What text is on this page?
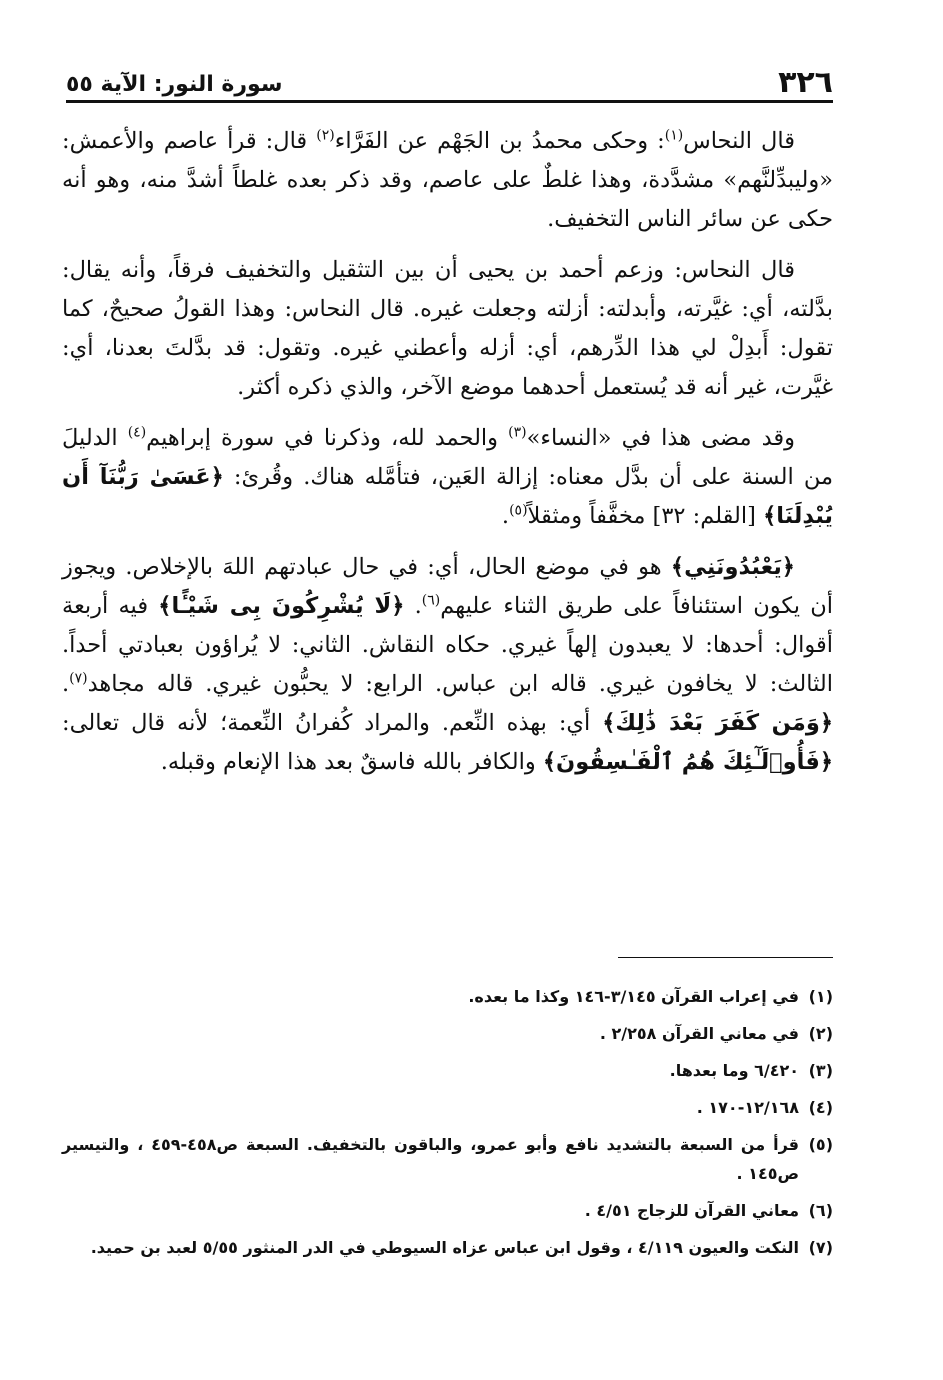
٣٢٦
سورة النور: الآية ٥٥

قال النحاس$^{(١)}$: وحكى محمدُ بن الجَهْم عن الفَرَّاء$^{(٢)}$ قال: قرأ عاصم والأعمش: «وليبدِّلنَّهم» مشدَّدة، وهذا غلطٌ على عاصم، وقد ذكر بعده غلطاً أشدَّ منه، وهو أنه حكى عن سائر الناس التخفيف.

قال النحاس: وزعم أحمد بن يحيى أن بين التثقيل والتخفيف فرقاً، وأنه يقال: بدَّلته، أي: غيَّرته، وأبدلته: أزلته وجعلت غيره. قال النحاس: وهذا القولُ صحيحٌ، كما تقول: أَبدِلْ لي هذا الدِّرهم، أي: أزله وأعطني غيره. وتقول: قد بدَّلتَ بعدنا، أي: غيَّرت، غير أنه قد يُستعمل أحدهما موضع الآخر، والذي ذكره أكثر.

وقد مضى هذا في «النساء»$^{(٣)}$ والحمد لله، وذكرنا في سورة إبراهيم$^{(٤)}$ الدليلَ من السنة على أن بدَّل معناه: إزالة العَين، فتأمَّله هناك. وقُرئ: ﴿عَسَىٰ رَبُّنَآ أَن يُبْدِلَنَا﴾ [القلم: ٣٢] مخفَّفاً ومثقلاً$^{(٥)}$.

﴿يَعْبُدُونَنِي﴾ هو في موضع الحال، أي: في حال عبادتهم اللهَ بالإخلاص. ويجوز أن يكون استئنافاً على طريق الثناء عليهم$^{(٦)}$. ﴿لَا يُشْرِكُونَ بِى شَيْـًٔا﴾ فيه أربعة أقوال: أحدها: لا يعبدون إلهاً غيري. حكاه النقاش. الثاني: لا يُراؤون بعبادتي أحداً. الثالث: لا يخافون غيري. قاله ابن عباس. الرابع: لا يحبُّون غيري. قاله مجاهد$^{(٧)}$. ﴿وَمَن كَفَرَ بَعْدَ ذَٰلِكَ﴾ أي: بهذه النِّعم. والمراد كُفرانُ النِّعمة؛ لأنه قال تعالى: ﴿فَأُو۟لَـٰٓئِكَ هُمُ ٱلْفَـٰسِقُونَ﴾ والكافر بالله فاسقٌ بعد هذا الإنعام وقبله.

(١)
في إعراب القرآن ٣/١٤٥-١٤٦ وكذا ما بعده.
(٢)
في معاني القرآن ٢/٢٥٨ .
(٣)
٦/٤٢٠ وما بعدها.
(٤)
١٢/١٦٨-١٧٠ .
(٥)
قرأ من السبعة بالتشديد نافع وأبو عمرو، والباقون بالتخفيف. السبعة ص٤٥٨-٤٥٩ ، والتيسير ص١٤٥ .
(٦)
معاني القرآن للزجاج ٤/٥١ .
(٧)
النكت والعيون ٤/١١٩ ، وقول ابن عباس عزاه السيوطي في الدر المنثور ٥/٥٥ لعبد بن حميد.
